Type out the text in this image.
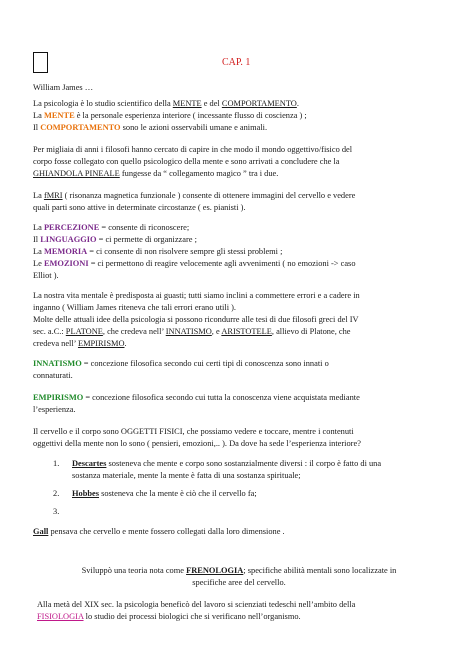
CAP. 1

William James …

La psicologia è lo studio scientifico della MENTE e del COMPORTAMENTO.

La MENTE è la personale esperienza interiore ( incessante flusso di coscienza ) ;

Il COMPORTAMENTO sono le azioni osservabili umane e animali.

Per migliaia di anni i filosofi hanno cercato di capire in che modo il mondo oggettivo/fisico del

corpo fosse collegato con quello psicologico della mente e sono arrivati a concludere che la

GHIANDOLA PINEALE fungesse da “ collegamento magico ” tra i due.

La fMRI ( risonanza magnetica funzionale ) consente di ottenere immagini del cervello e vedere

quali parti sono attive in determinate circostanze ( es. pianisti ).

La PERCEZIONE = consente di riconoscere;

Il LINGUAGGIO = ci permette di organizzare ;

La MEMORIA = ci consente di non risolvere sempre gli stessi problemi ;

Le EMOZIONI = ci permettono di reagire velocemente agli avvenimenti ( no emozioni -> caso

Elliot ).

La nostra vita mentale è predisposta ai guasti; tutti siamo inclini a commettere errori e a cadere in

inganno ( William James riteneva che tali errori erano utili ).

Molte delle attuali idee della psicologia si possono ricondurre alle tesi di due filosofi greci del IV

sec. a.C.: PLATONE, che credeva nell’ INNATISMO, e ARISTOTELE, allievo di Platone, che

credeva nell’ EMPIRISMO.

INNATISMO = concezione filosofica secondo cui certi tipi di conoscenza sono innati o

connaturati.

EMPIRISMO = concezione filosofica secondo cui tutta la conoscenza viene acquistata mediante

l’esperienza.

Il cervello e il corpo sono OGGETTI FISICI, che possiamo vedere e toccare, mentre i contenuti

oggettivi della mente non lo sono ( pensieri, emozioni,.. ). Da dove ha sede l’esperienza interiore?

1. Descartes sosteneva che mente e corpo sono sostanzialmente diversi : il corpo è fatto di una

sostanza materiale, mente la mente è fatta di una sostanza spirituale;

2. Hobbes sosteneva che la mente è ciò che il cervello fa;

3.

Gall pensava che cervello e mente fossero collegati dalla loro dimensione .

Sviluppò una teoria nota come FRENOLOGIA; specifiche abilità mentali sono localizzate in

specifiche aree del cervello.

Alla metà del XIX sec. la psicologia beneficò del lavoro si scienziati tedeschi nell’ambito della

FISIOLOGIA lo studio dei processi biologici che si verificano nell’organismo.
